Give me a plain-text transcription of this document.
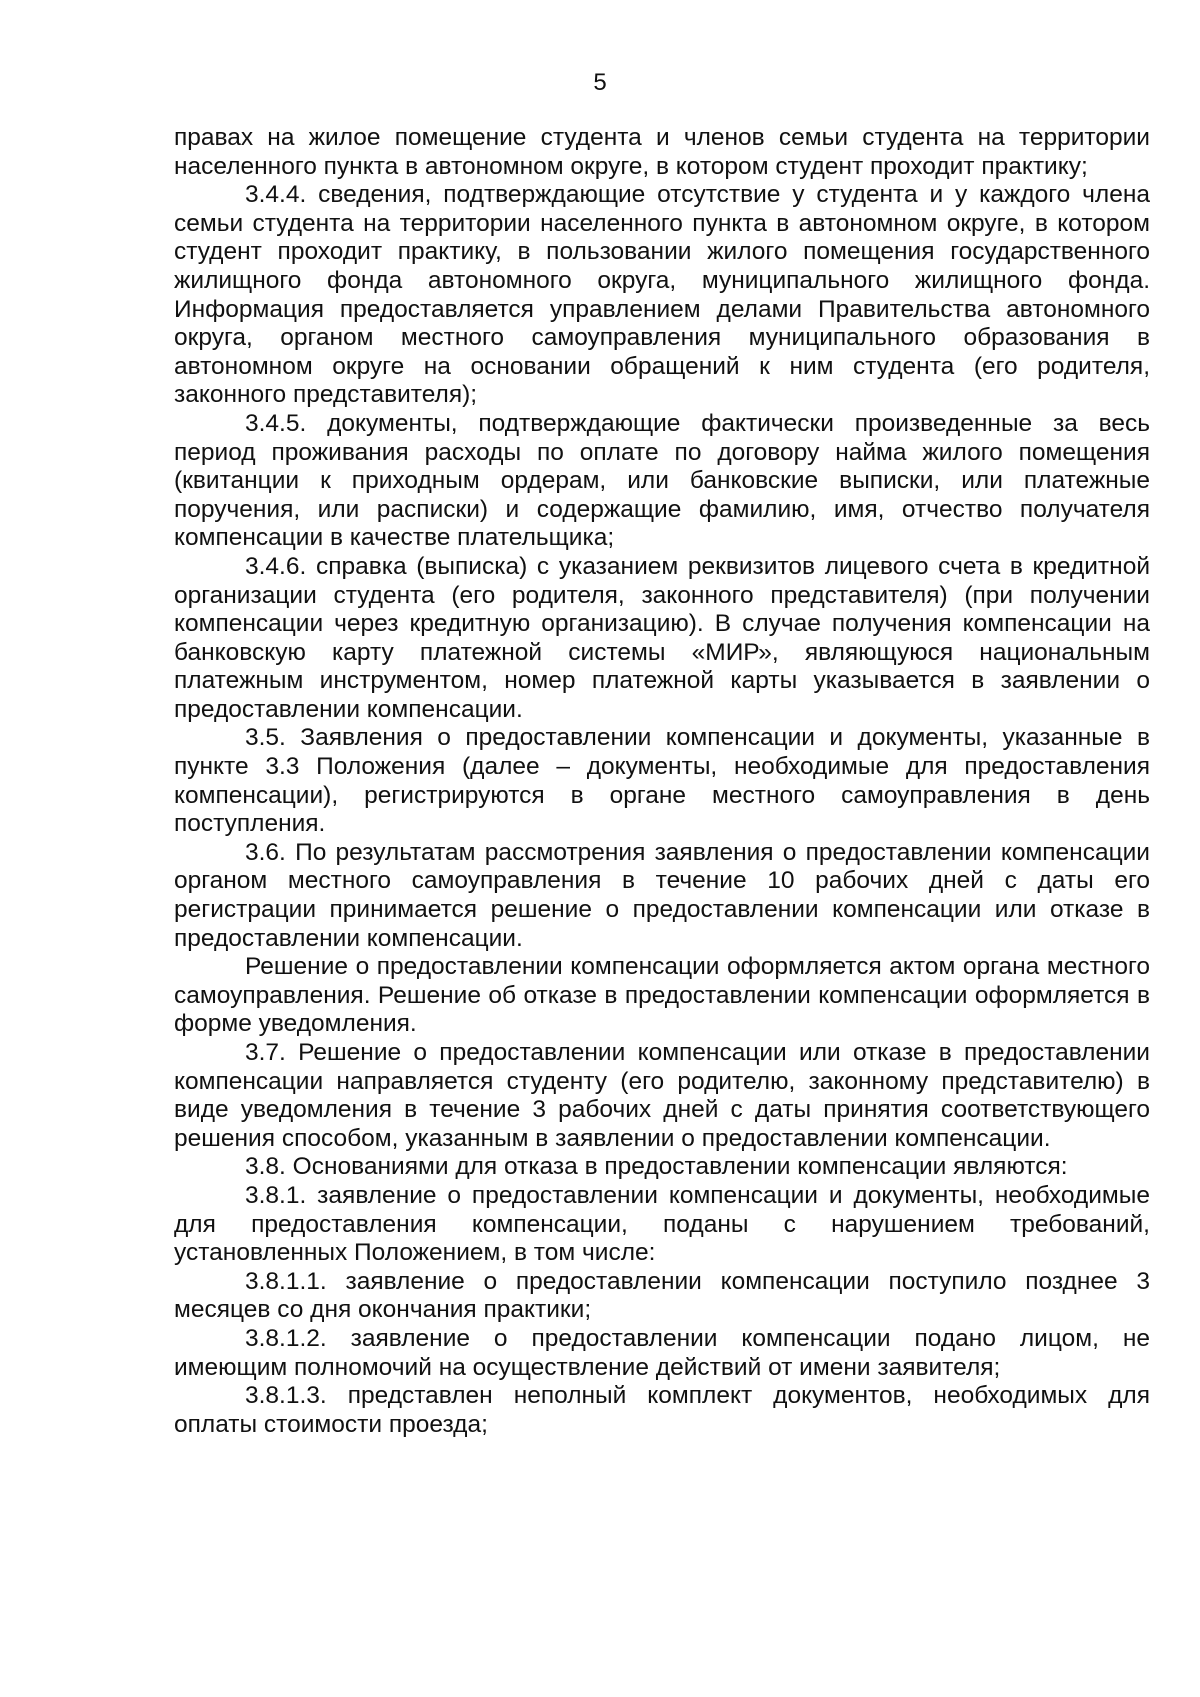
5

правах на жилое помещение студента и членов семьи студента на территории населенного пункта в автономном округе, в котором студент проходит практику;

3.4.4. сведения, подтверждающие отсутствие у студента и у каждого члена семьи студента на территории населенного пункта в автономном округе, в котором студент проходит практику, в пользовании жилого помещения государственного жилищного фонда автономного округа, муниципального жилищного фонда. Информация предоставляется управлением делами Правительства автономного округа, органом местного самоуправления муниципального образования в автономном округе на основании обращений к ним студента (его родителя, законного представителя);

3.4.5. документы, подтверждающие фактически произведенные за весь период проживания расходы по оплате по договору найма жилого помещения (квитанции к приходным ордерам, или банковские выписки, или платежные поручения, или расписки) и содержащие фамилию, имя, отчество получателя компенсации в качестве плательщика;

3.4.6. справка (выписка) с указанием реквизитов лицевого счета в кредитной организации студента (его родителя, законного представителя) (при получении компенсации через кредитную организацию). В случае получения компенсации на банковскую карту платежной системы «МИР», являющуюся национальным платежным инструментом, номер платежной карты указывается в заявлении о предоставлении компенсации.

3.5. Заявления о предоставлении компенсации и документы, указанные в пункте 3.3 Положения (далее – документы, необходимые для предоставления компенсации), регистрируются в органе местного самоуправления в день поступления.

3.6. По результатам рассмотрения заявления о предоставлении компенсации органом местного самоуправления в течение 10 рабочих дней с даты его регистрации принимается решение о предоставлении компенсации или отказе в предоставлении компенсации.

Решение о предоставлении компенсации оформляется актом органа местного самоуправления. Решение об отказе в предоставлении компенсации оформляется в форме уведомления.

3.7. Решение о предоставлении компенсации или отказе в предоставлении компенсации направляется студенту (его родителю, законному представителю) в виде уведомления в течение 3 рабочих дней с даты принятия соответствующего решения способом, указанным в заявлении о предоставлении компенсации.

3.8. Основаниями для отказа в предоставлении компенсации являются:

3.8.1. заявление о предоставлении компенсации и документы, необходимые для предоставления компенсации, поданы с нарушением требований, установленных Положением, в том числе:

3.8.1.1. заявление о предоставлении компенсации поступило позднее 3 месяцев со дня окончания практики;

3.8.1.2. заявление о предоставлении компенсации подано лицом, не имеющим полномочий на осуществление действий от имени заявителя;

3.8.1.3. представлен неполный комплект документов, необходимых для оплаты стоимости проезда;
